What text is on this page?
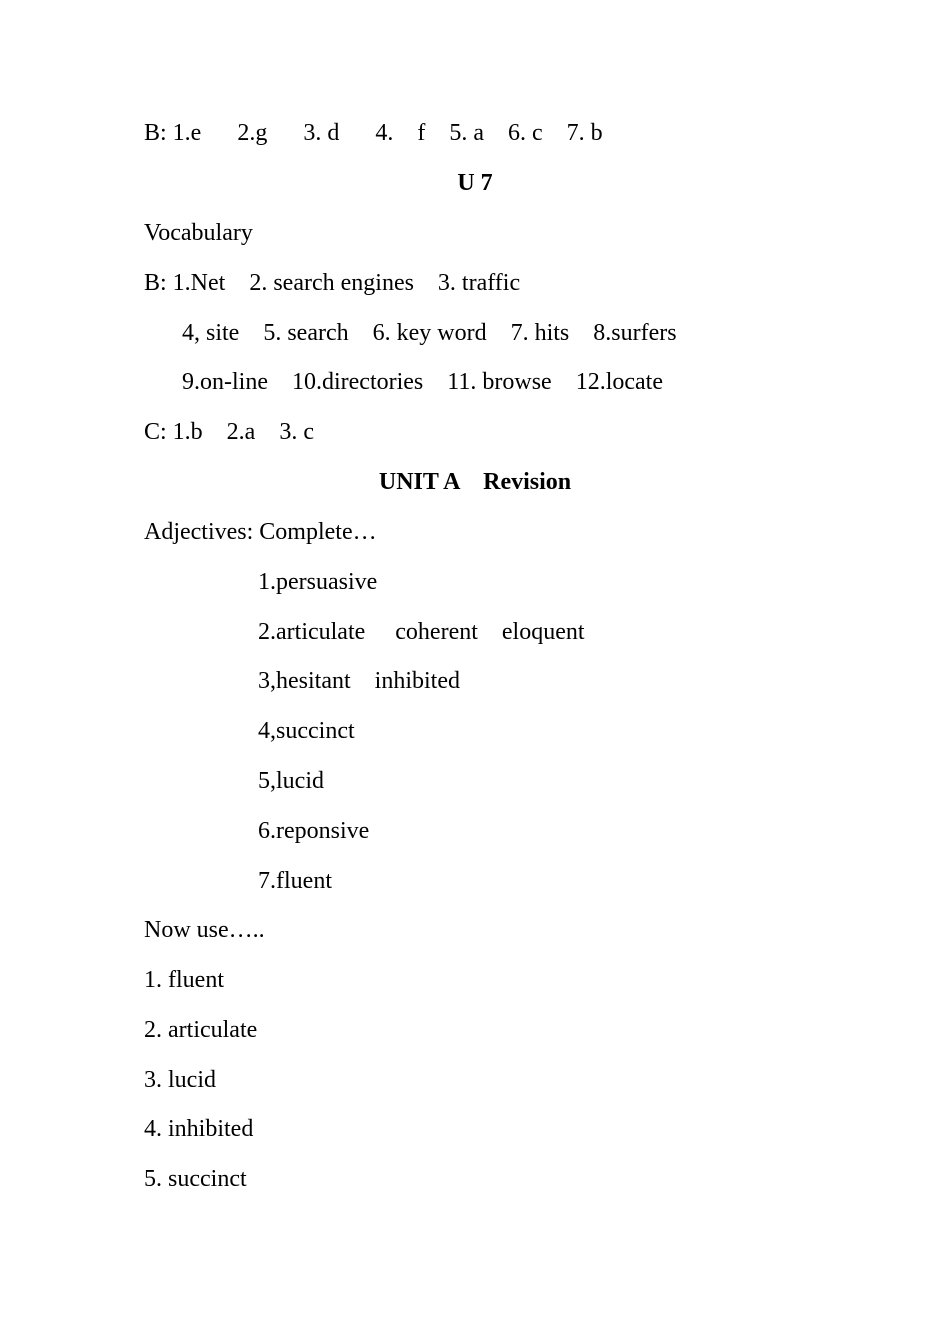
B: 1.e      2.g      3. d      4.    f    5. a    6. c    7. b

U 7

Vocabulary

B: 1.Net    2. search engines    3. traffic

4, site    5. search    6. key word    7. hits    8.surfers

9.on-line    10.directories    11. browse    12.locate

C: 1.b    2.a    3. c

UNIT A    Revision

Adjectives: Complete…

1.persuasive

2.articulate     coherent    eloquent

3,hesitant    inhibited

4,succinct

5,lucid

6.reponsive

7.fluent

Now use…..

1. fluent

2. articulate

3. lucid

4. inhibited

5. succinct
